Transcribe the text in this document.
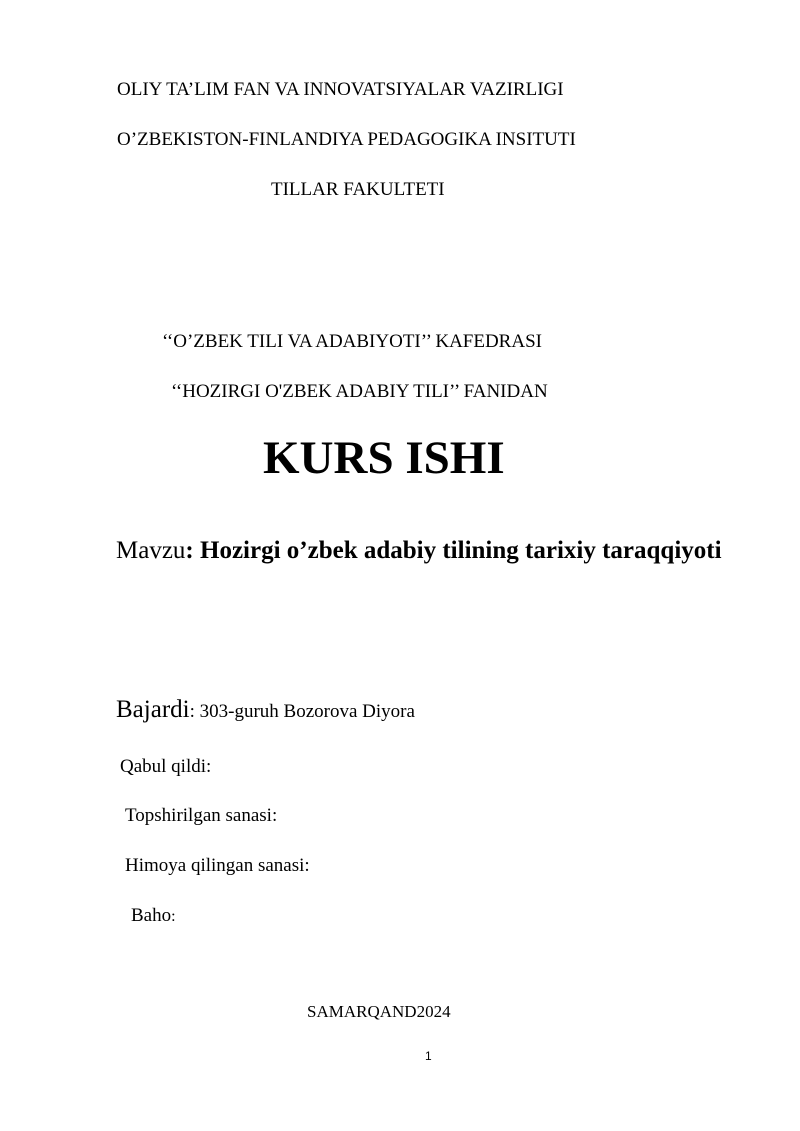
OLIY TA’LIM FAN VA INNOVATSIYALAR VAZIRLIGI
O’ZBEKISTON-FINLANDIYA PEDAGOGIKA INSITUTI
TILLAR FAKULTETI
‘‘O’ZBEK TILI VA ADABIYOTI’’ KAFEDRASI
‘‘HOZIRGI O'ZBEK ADABIY TILI’’ FANIDAN
KURS ISHI
Mavzu: Hozirgi o’zbek adabiy tilining tarixiy taraqqiyoti
Bajardi: 303-guruh Bozorova Diyora
Qabul qildi:
Topshirilgan sanasi:
Himoya qilingan sanasi:
Baho:
SAMARQAND2024
1
